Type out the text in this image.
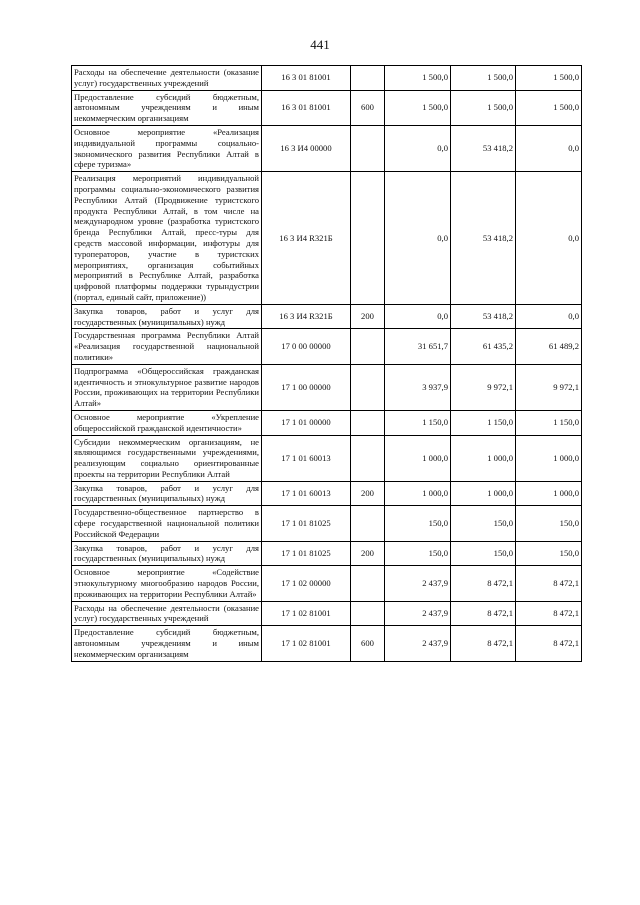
441
Расходы на обеспечение деятельности (оказание услуг) государственных учреждений	16 3 01 81001		1 500,0	1 500,0	1 500,0
Предоставление субсидий бюджетным, автономным учреждениям и иным некоммерческим организациям	16 3 01 81001	600	1 500,0	1 500,0	1 500,0
Основное мероприятие «Реализация индивидуальной программы социально-экономического развития Республики Алтай в сфере туризма»	16 3 И4 00000		0,0	53 418,2	0,0
Реализация мероприятий индивидуальной программы социально-экономического развития Республики Алтай (Продвижение туристского продукта Республики Алтай, в том числе на международном уровне (разработка туристского бренда Республики Алтай, пресс-туры для средств массовой информации, инфотуры для туроператоров, участие в туристских мероприятиях, организация событийных мероприятий в Республике Алтай, разработка цифровой платформы поддержки турындустрии (портал, единый сайт, приложение))	16 3 И4 R321Б		0,0	53 418,2	0,0
Закупка товаров, работ и услуг для государственных (муниципальных) нужд	16 3 И4 R321Б	200	0,0	53 418,2	0,0
Государственная программа Республики Алтай «Реализация государственной национальной политики»	17 0 00 00000		31 651,7	61 435,2	61 489,2
Подпрограмма «Общероссийская гражданская идентичность и этнокультурное развитие народов России, проживающих на территории Республики Алтай»	17 1 00 00000		3 937,9	9 972,1	9 972,1
Основное мероприятие «Укрепление общероссийской гражданской идентичности»	17 1 01 00000		1 150,0	1 150,0	1 150,0
Субсидии некоммерческим организациям, не являющимся государственными учреждениями, реализующим социально ориентированные проекты на территории Республики Алтай	17 1 01 60013		1 000,0	1 000,0	1 000,0
Закупка товаров, работ и услуг для государственных (муниципальных) нужд	17 1 01 60013	200	1 000,0	1 000,0	1 000,0
Государственно-общественное партнерство в сфере государственной национальной политики Российской Федерации	17 1 01 81025		150,0	150,0	150,0
Закупка товаров, работ и услуг для государственных (муниципальных) нужд	17 1 01 81025	200	150,0	150,0	150,0
Основное мероприятие «Содействие этнокультурному многообразию народов России, проживающих на территории Республики Алтай»	17 1 02 00000		2 437,9	8 472,1	8 472,1
Расходы на обеспечение деятельности (оказание услуг) государственных учреждений	17 1 02 81001		2 437,9	8 472,1	8 472,1
Предоставление субсидий бюджетным, автономным учреждениям и иным некоммерческим организациям	17 1 02 81001	600	2 437,9	8 472,1	8 472,1
